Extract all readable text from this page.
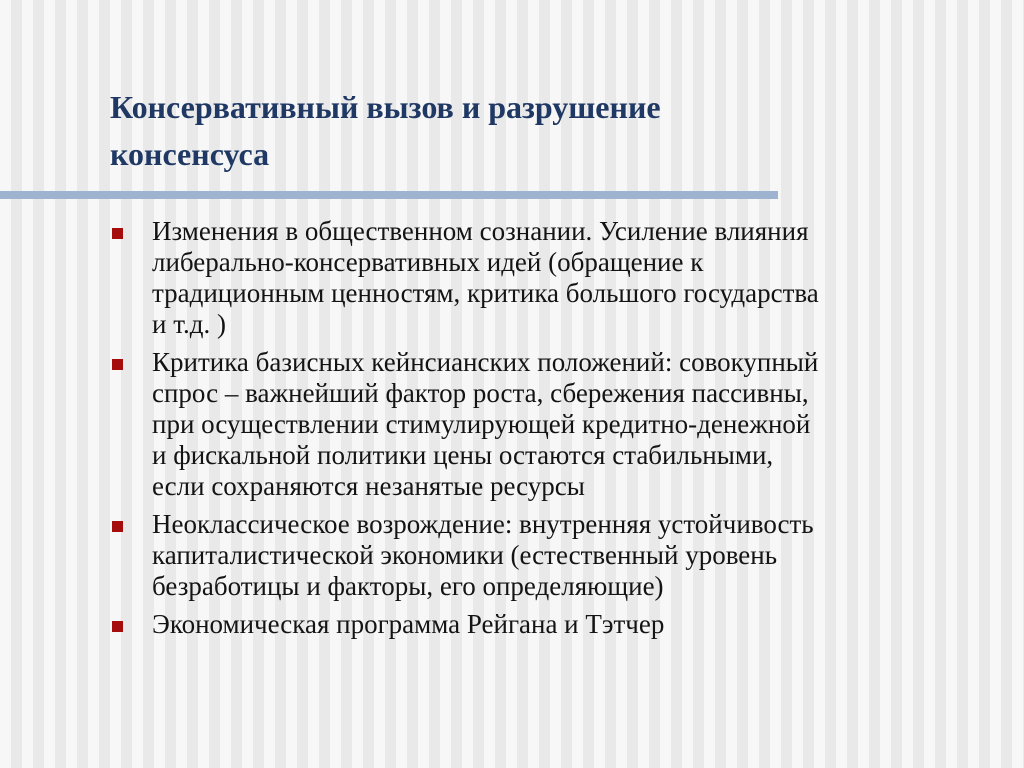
Консервативный вызов и разрушение
консенсуса
Изменения в общественном сознании. Усиление влияния
либерально-консервативных идей (обращение к
традиционным ценностям, критика большого государства
и т.д. )
Критика базисных кейнсианских положений: совокупный
спрос – важнейший фактор роста, сбережения пассивны,
при осуществлении стимулирующей кредитно-денежной
и фискальной политики цены остаются стабильными,
если сохраняются незанятые ресурсы
Неоклассическое возрождение: внутренняя устойчивость
капиталистической экономики (естественный уровень
безработицы и факторы, его определяющие)
Экономическая программа Рейгана и Тэтчер
